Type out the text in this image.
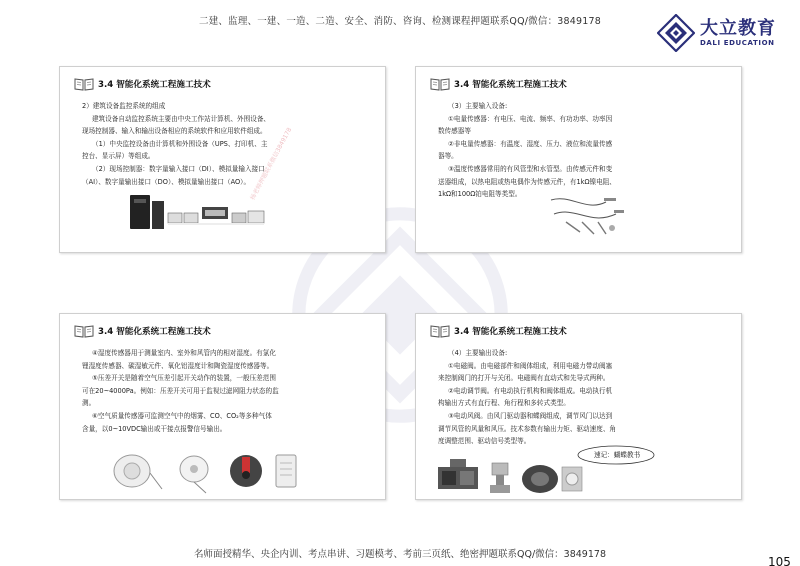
二建、监理、一建、一造、二造、安全、消防、咨询、检测课程押题联系QQ/微信：3849178	大立教育
DALI EDUCATION
3.4 智能化系统工程施工技术

2）建筑设备监控系统的组成

建筑设备自动监控系统主要由中央工作站计算机、外围设备、

现场控制器、输入和输出设备相应的系统软件和应用软件组成。

（1）中央监控设备由计算机和外围设备（UPS、打印机、主

控台、显示屏）等组成。

（2）现场控制器：数字量输入接口（DI）、模拟量输入接口

（AI）、数字量输出接口（DO）、模拟量输出接口（AO）。 杨老师押题联系微信3849178
3.4 智能化系统工程施工技术

（3）主要输入设备:

①电量传感器：有电压、电流、频率、有功功率、功率因

数传感器等

②非电量传感器：有温度、湿度、压力、液位和流量传感

器等。

③温度传感器常用的有风管型和水管型。由传感元件和变

送器组成，以热电阻或热电偶作为传感元件，有1kΩ镍电阻、

1kΩ和100Ω铂电阻等类型。

3.4 智能化系统工程施工技术

④湿度传感器用于测量室内、室外和风管内的相对湿度。有氯化

锂湿度传感器、碳湿敏元件、氧化铝湿度计和陶瓷湿度传感器等。

⑤压差开关是随着空气压差引起开关动作的装置，一般压差范围

可在20~4000Pa。例如：压差开关可用于监视过滤网阻力状态的监

测。

⑥空气质量传感器可监测空气中的烟雾、CO、CO₂等多种气体

含量，以0~10VDC输出或干接点报警信号输出。

3.4 智能化系统工程施工技术

（4）主要输出设备:

①电磁阀。由电磁部件和阀体组成，利用电磁力带动阀塞

来控制阀门的打开与关闭。电磁阀有直动式和先导式两种。

②电动调节阀。有电动执行机构和阀体组成。电动执行机

构输出方式有直行程、角行程和多转式类型。

③电动风阀。由风门驱动器和蝶阀组成，调节风门以达到

调节风管的风量和风压。技术参数有输出力矩、驱动速度、角

度调整范围、驱动信号类型等。

速记：蝴蝶教书
名师面授精华、央企内训、考点串讲、习题模考、考前三页纸、绝密押题联系QQ/微信：3849178
105
